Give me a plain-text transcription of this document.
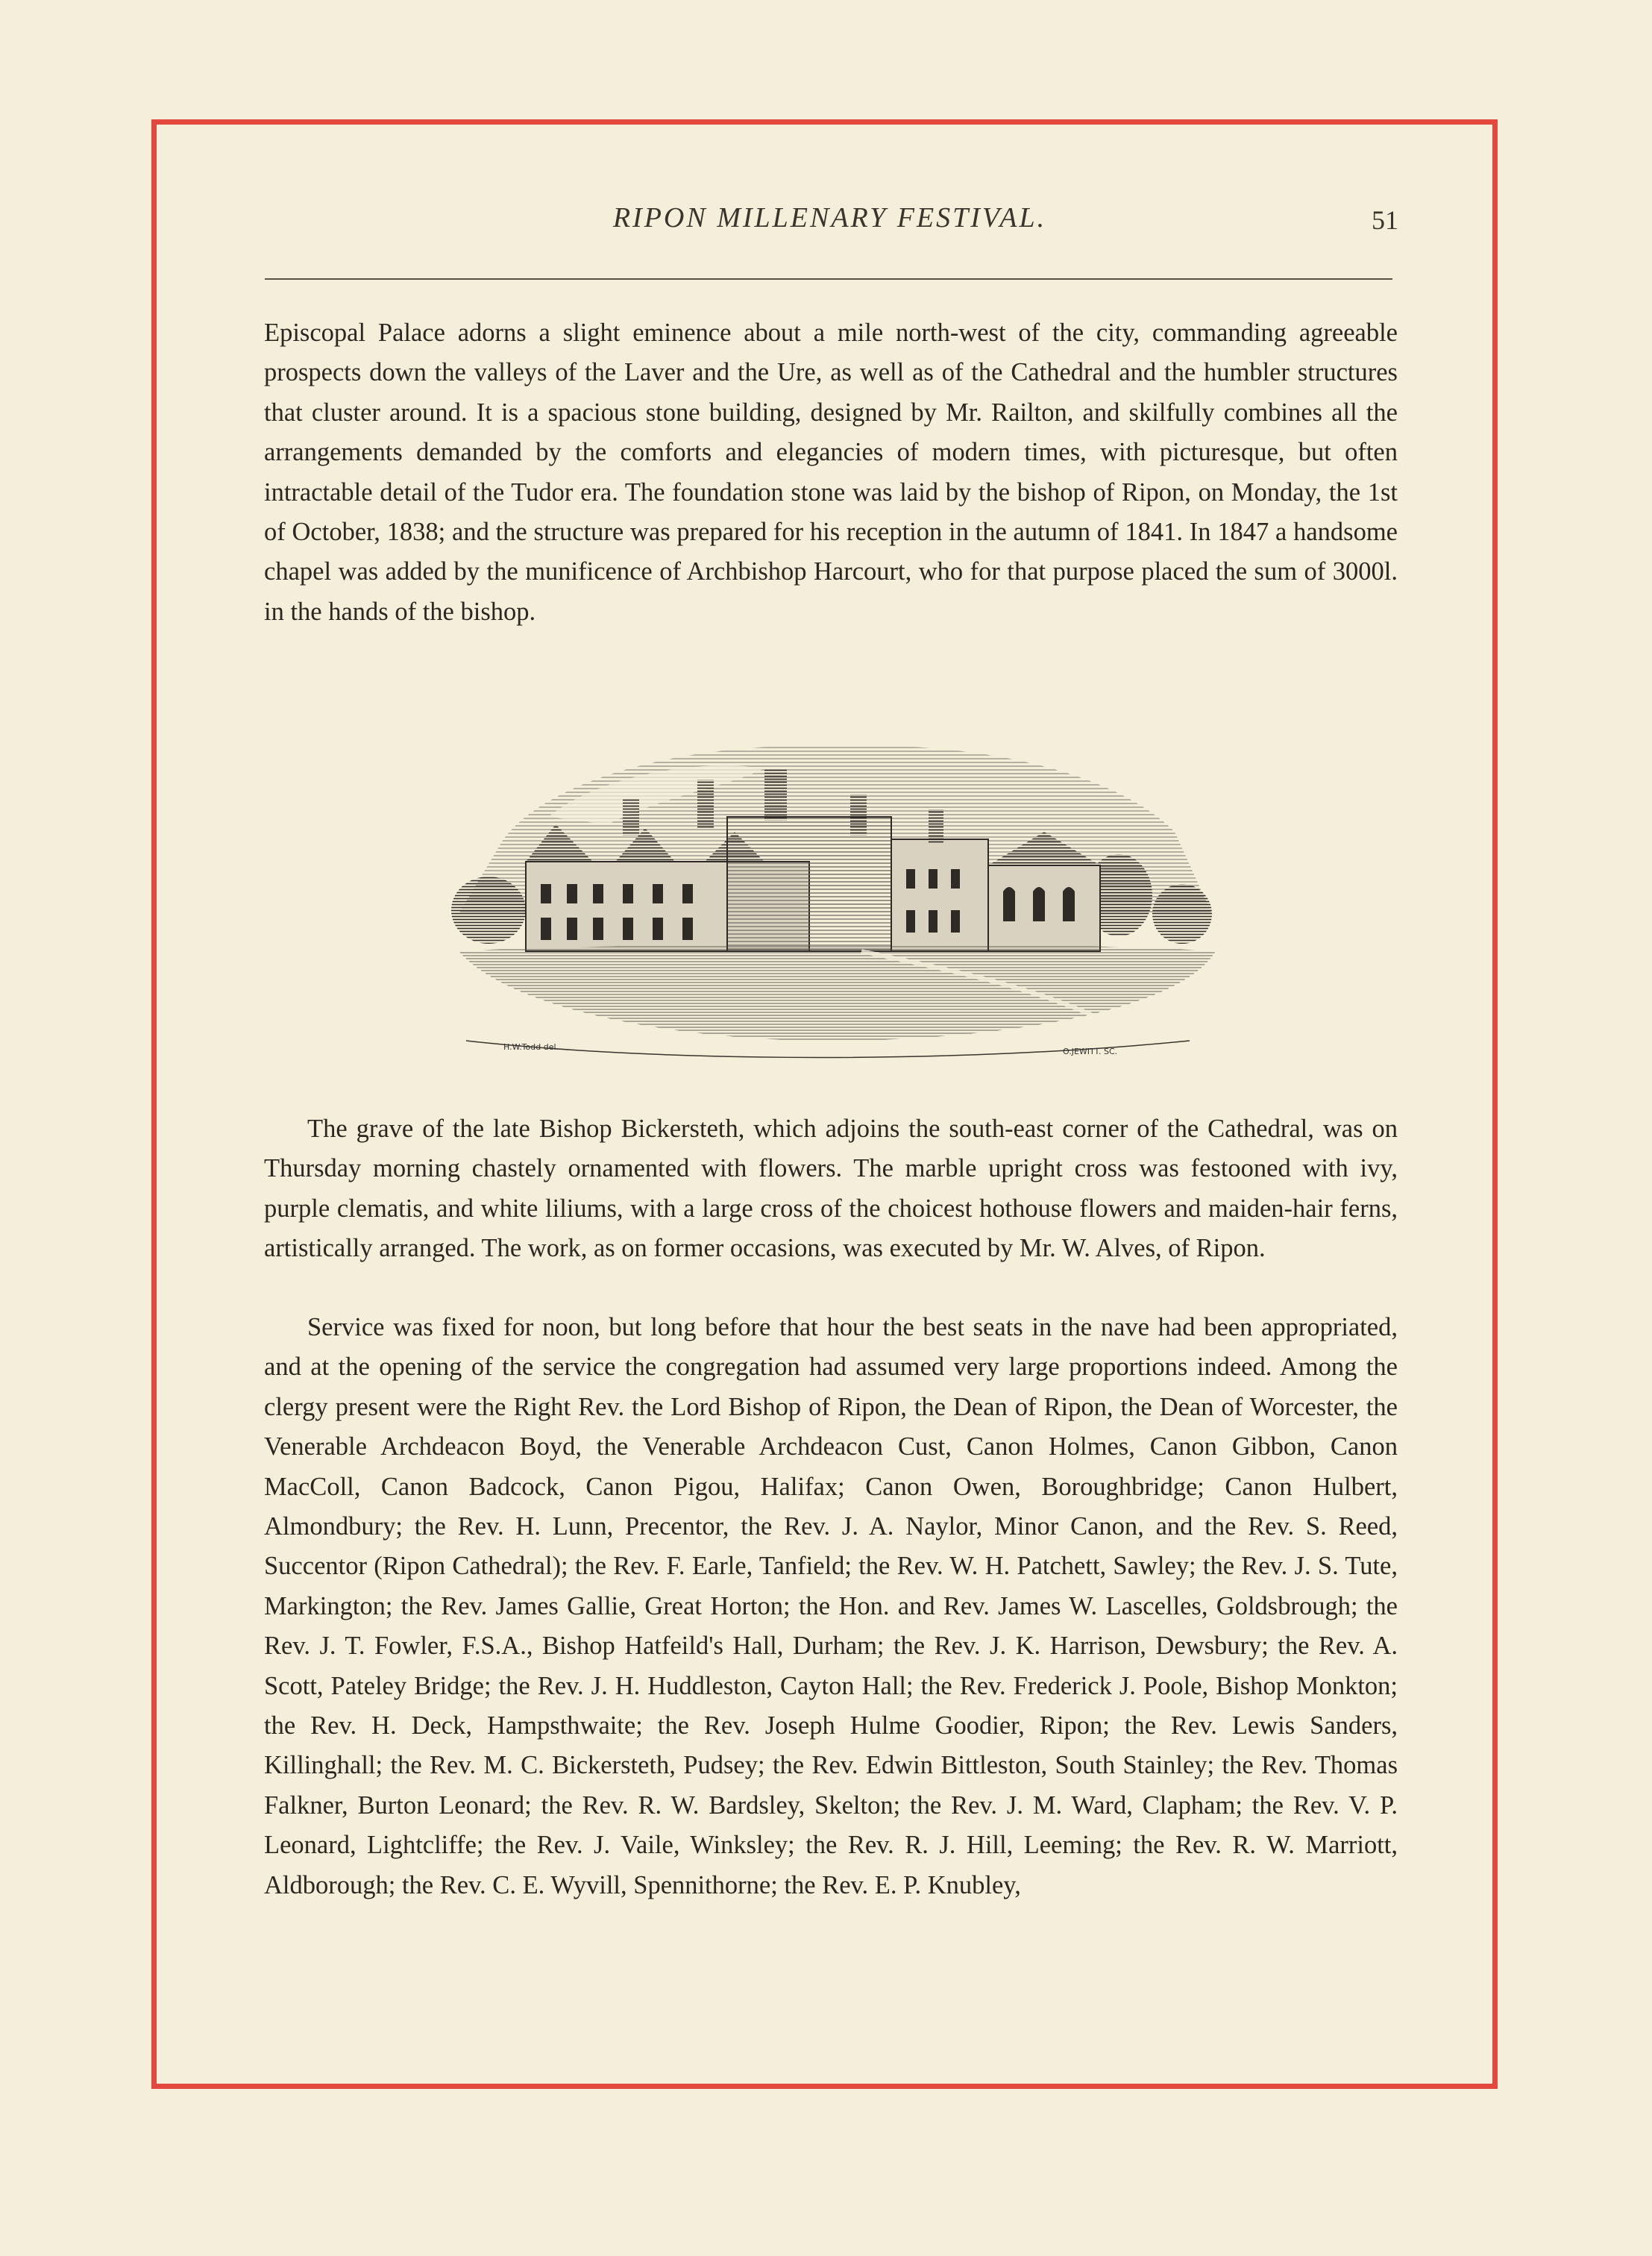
RIPON MILLENARY FESTIVAL.	51

Episcopal Palace adorns a slight eminence about a mile north-west of the city, commanding agreeable prospects down the valleys of the Laver and the Ure, as well as of the Cathedral and the humbler structures that cluster around. It is a spacious stone building, designed by Mr. Railton, and skilfully combines all the arrangements demanded by the comforts and elegancies of modern times, with picturesque, but often intractable detail of the Tudor era. The foundation stone was laid by the bishop of Ripon, on Monday, the 1st of October, 1838; and the structure was prepared for his reception in the autumn of 1841. In 1847 a handsome chapel was added by the munificence of Archbishop Harcourt, who for that purpose placed the sum of 3000l. in the hands of the bishop.

H.W.Todd del.	O.JEWITT. SC.

The grave of the late Bishop Bickersteth, which adjoins the south-east corner of the Cathedral, was on Thursday morning chastely ornamented with flowers. The marble upright cross was festooned with ivy, purple clematis, and white liliums, with a large cross of the choicest hothouse flowers and maiden-hair ferns, artistically arranged. The work, as on former occasions, was executed by Mr. W. Alves, of Ripon.

Service was fixed for noon, but long before that hour the best seats in the nave had been appropriated, and at the opening of the service the congregation had assumed very large proportions indeed. Among the clergy present were the Right Rev. the Lord Bishop of Ripon, the Dean of Ripon, the Dean of Worcester, the Venerable Archdeacon Boyd, the Venerable Archdeacon Cust, Canon Holmes, Canon Gibbon, Canon MacColl, Canon Badcock, Canon Pigou, Halifax; Canon Owen, Boroughbridge; Canon Hulbert, Almondbury; the Rev. H. Lunn, Precentor, the Rev. J. A. Naylor, Minor Canon, and the Rev. S. Reed, Succentor (Ripon Cathedral); the Rev. F. Earle, Tanfield; the Rev. W. H. Patchett, Sawley; the Rev. J. S. Tute, Markington; the Rev. James Gallie, Great Horton; the Hon. and Rev. James W. Lascelles, Goldsbrough; the Rev. J. T. Fowler, F.S.A., Bishop Hatfeild's Hall, Durham; the Rev. J. K. Harrison, Dewsbury; the Rev. A. Scott, Pateley Bridge; the Rev. J. H. Huddleston, Cayton Hall; the Rev. Frederick J. Poole, Bishop Monkton; the Rev. H. Deck, Hampsthwaite; the Rev. Joseph Hulme Goodier, Ripon; the Rev. Lewis Sanders, Killinghall; the Rev. M. C. Bickersteth, Pudsey; the Rev. Edwin Bittleston, South Stainley; the Rev. Thomas Falkner, Burton Leonard; the Rev. R. W. Bardsley, Skelton; the Rev. J. M. Ward, Clapham; the Rev. V. P. Leonard, Lightcliffe; the Rev. J. Vaile, Winksley; the Rev. R. J. Hill, Leeming; the Rev. R. W. Marriott, Aldborough; the Rev. C. E. Wyvill, Spennithorne; the Rev. E. P. Knubley,
